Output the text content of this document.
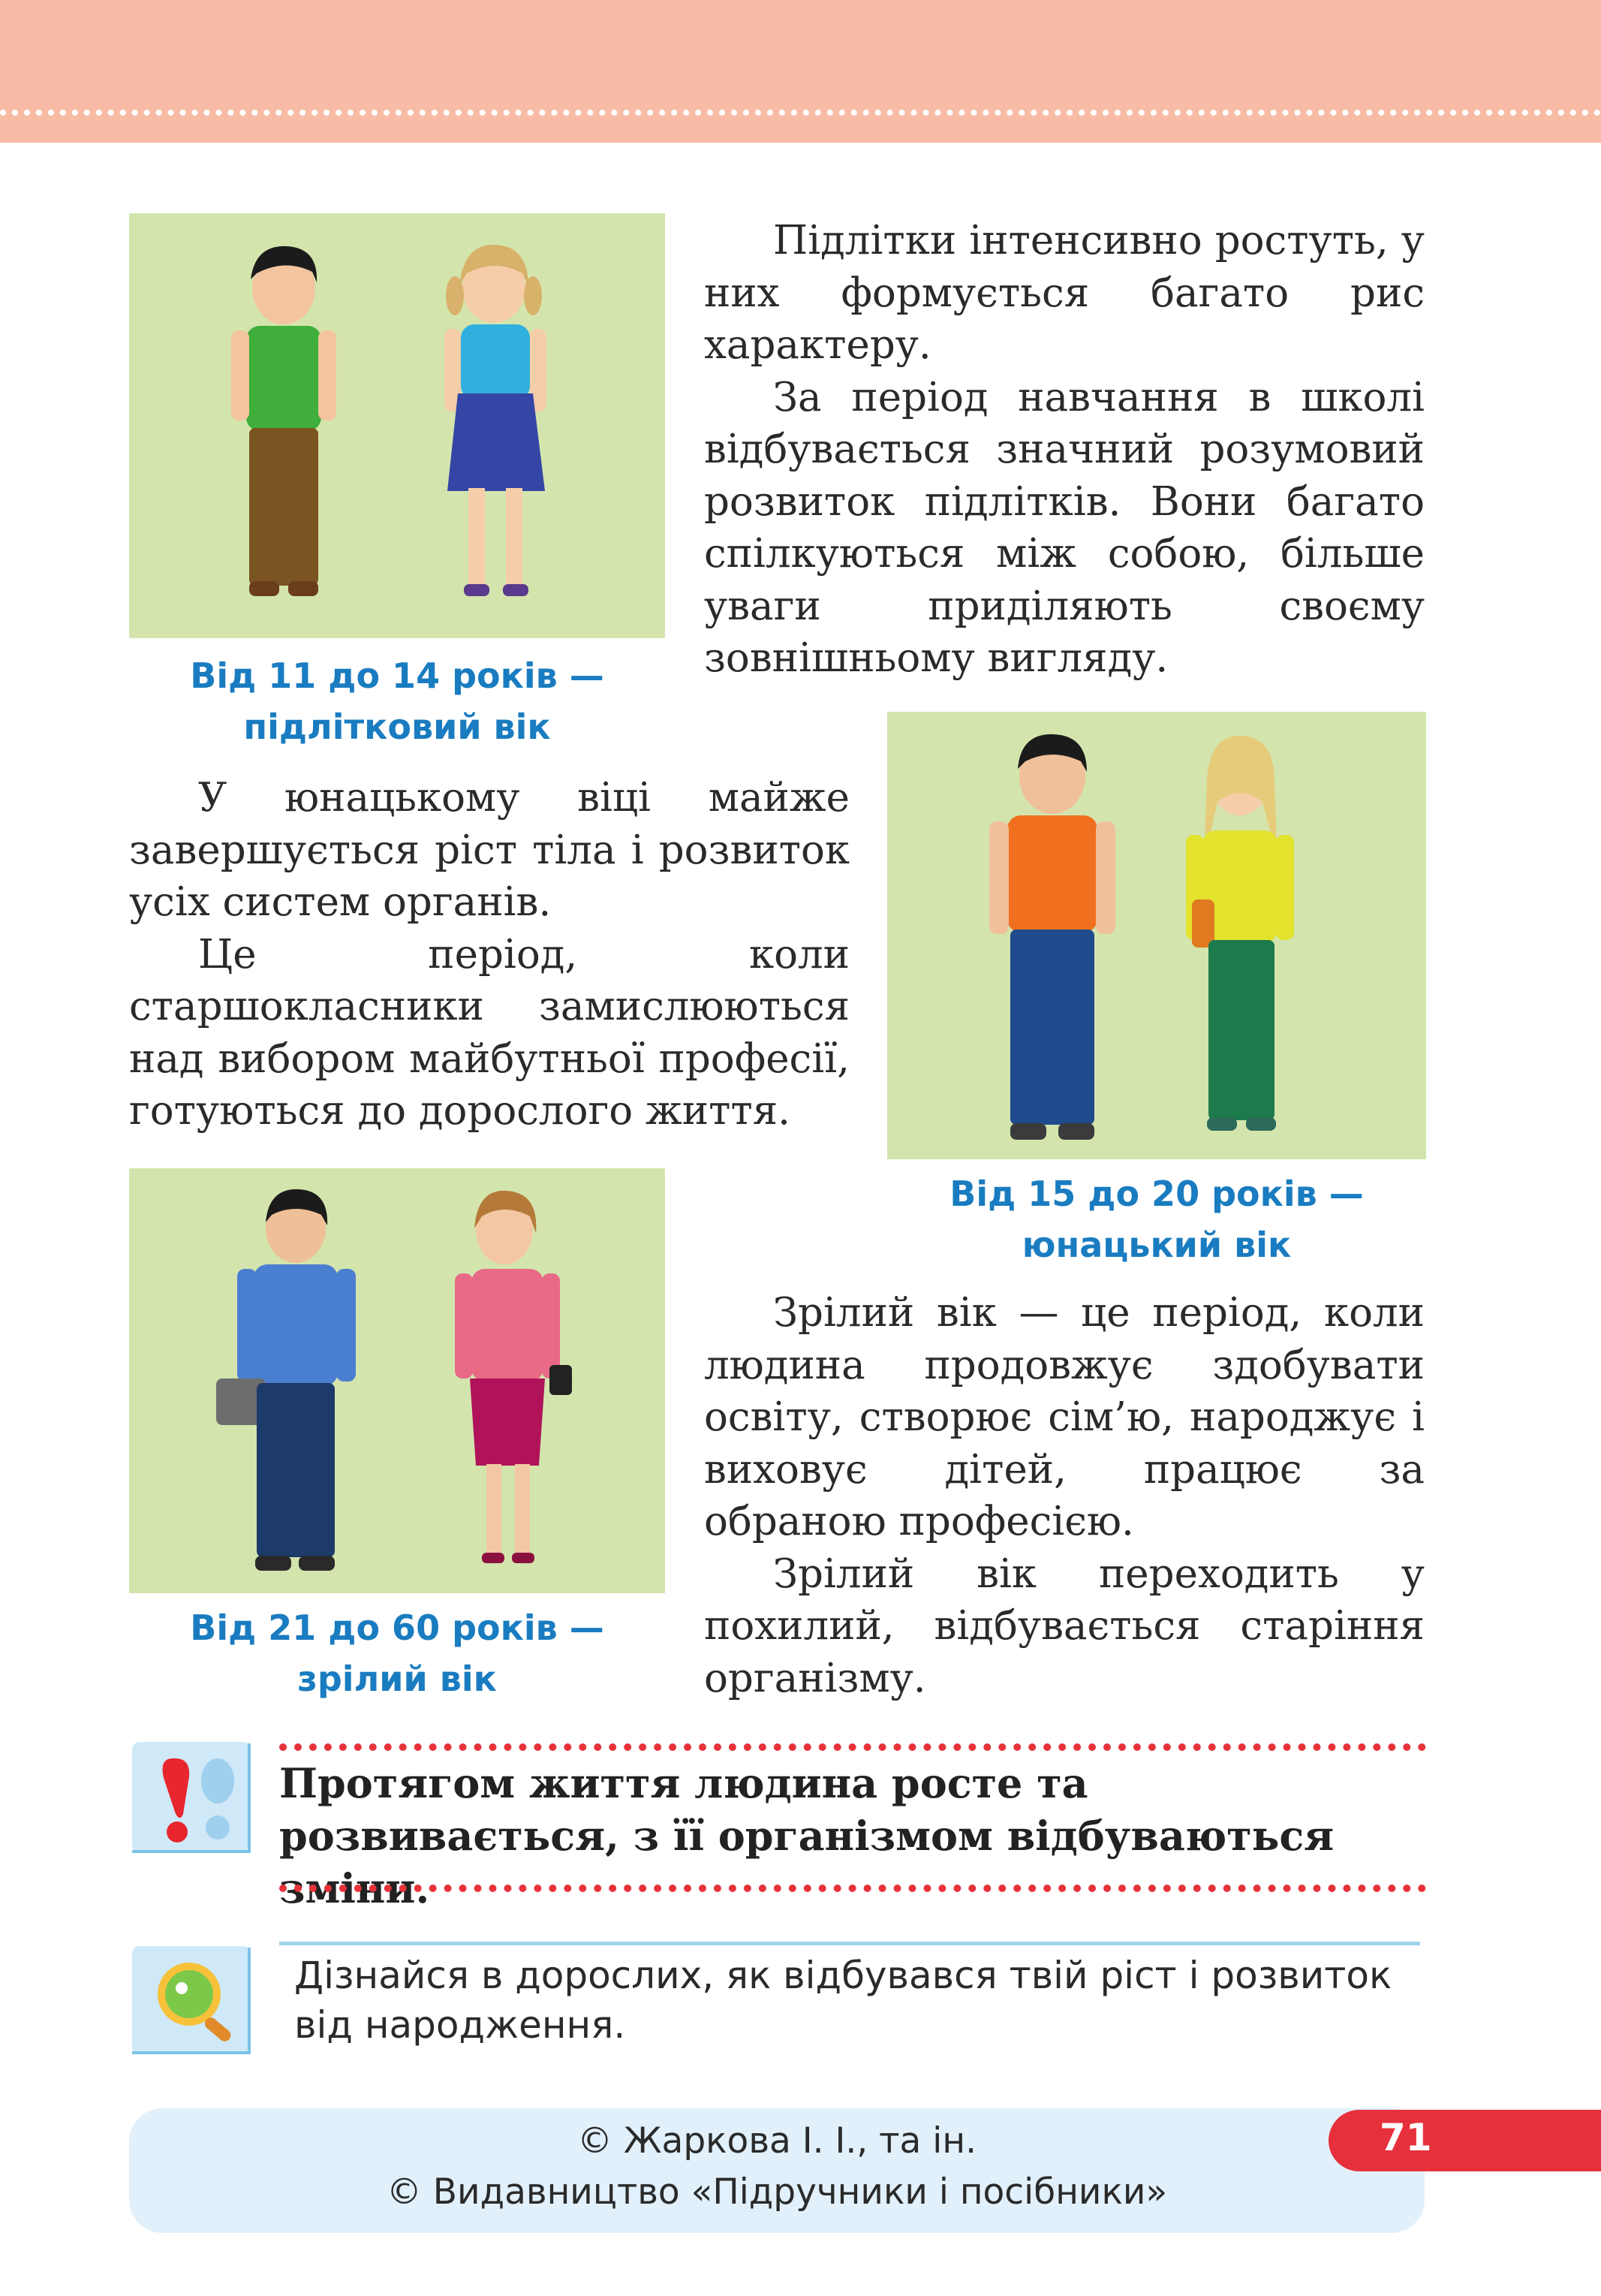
Від 11 до 14 років —
підлітковий вік

Підлітки інтенсивно ростуть, у них формується багато рис характеру.

За період навчання в школі відбувається значний розумовий розвиток підлітків. Вони багато спілкуються між собою, більше уваги приділяють своєму зовнішньому вигляду.

Від 15 до 20 років —
юнацький вік

У юнацькому віці майже завершується ріст тіла і розвиток усіх систем органів.

Це період, коли старшокласники замислюються над вибором майбутньої професії, готуються до дорослого життя.

Від 21 до 60 років —
зрілий вік

Зрілий вік — це період, коли людина продовжує здобувати освіту, створює сім’ю, народжує і виховує дітей, працює за обраною професією.

Зрілий вік переходить у похилий, відбувається старіння організму.

Протягом життя людина росте та розвивається, з її організмом відбуваються зміни.
Дізнайся в дорослих, як відбувався твій ріст і розвиток від народження.
© Жаркова І. І., та ін.
© Видавництво «Підручники і посібники»
71
